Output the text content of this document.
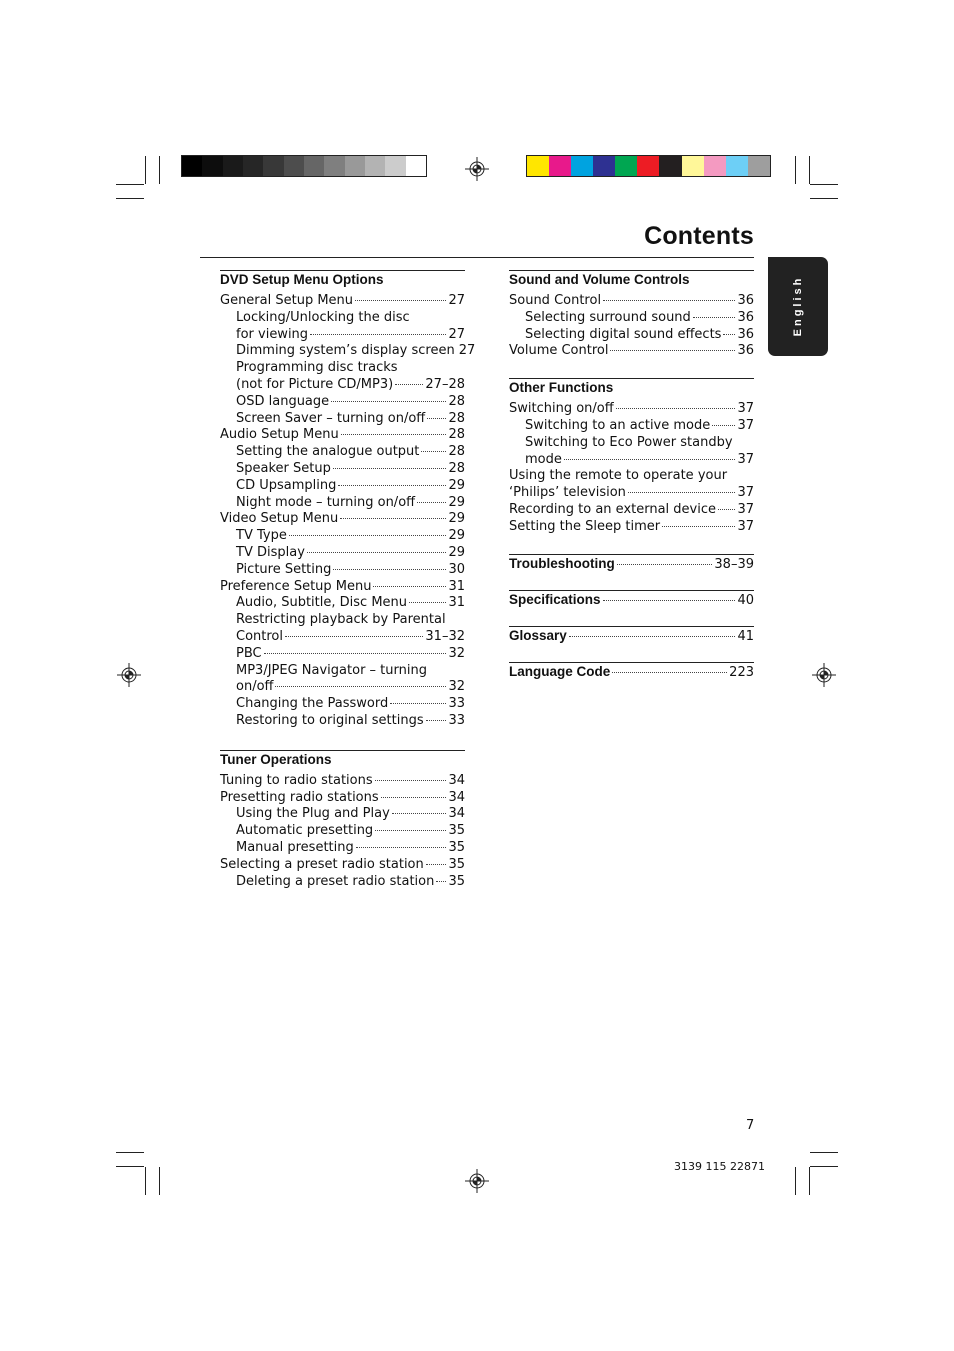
Contents
English
DVD Setup Menu Options
General Setup Menu	27
Locking/Unlocking the disc
for viewing	27
Dimming system’s display screen 27
Programming disc tracks
(not for Picture CD/MP3) 27–28
OSD language	28
Screen Saver – turning on/off 28
Audio Setup Menu	28
Setting the analogue output 28
Speaker Setup	28
CD Upsampling	29
Night mode – turning on/off	29
Video Setup Menu	29
TV Type	29
TV Display	29
Picture Setting	30
Preference Setup Menu	31
Audio, Subtitle, Disc Menu	31
Restricting playback by Parental
Control	31–32
PBC	32
MP3/JPEG Navigator – turning
on/off	32
Changing the Password	33
Restoring to original settings 33
Tuner Operations
Tuning to radio stations	34
Presetting radio stations	34
Using the Plug and Play	34
Automatic presetting	35
Manual presetting	35
Selecting a preset radio station 35
Deleting a preset radio station 35
Sound and Volume Controls
Sound Control	36
Selecting surround sound	36
Selecting digital sound effects 36
Volume Control	36
Other Functions
Switching on/off	37
Switching to an active mode 37
Switching to Eco Power standby
mode	37
Using the remote to operate your
‘Philips’ television	37
Recording to an external device 37
Setting the Sleep timer	37
Troubleshooting	38–39
Specifications	40
Glossary	41
Language Code	223
7
3139 115 22871
